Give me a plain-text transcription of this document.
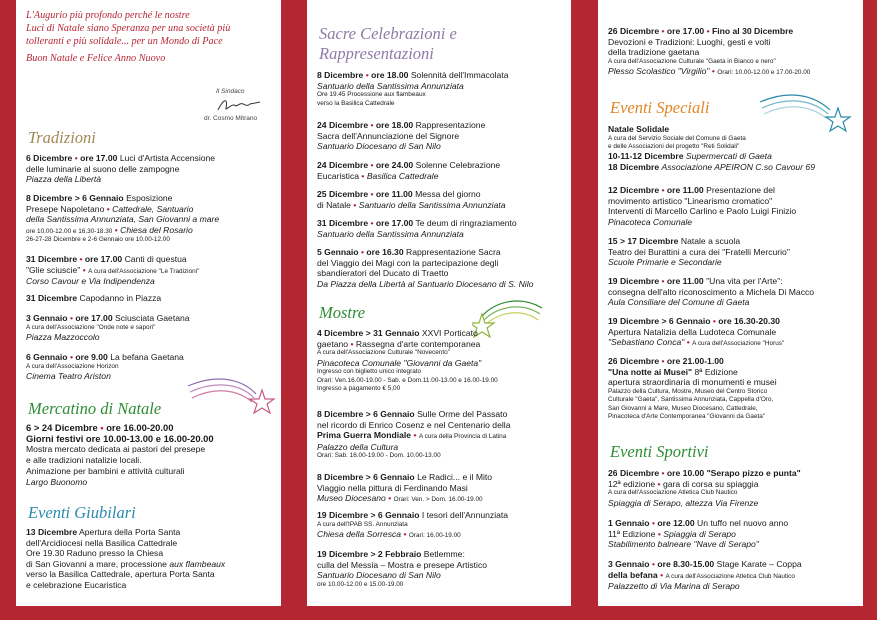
L'Augurio più profondo perché le nostre
Luci di Natale siano Speranza per una società più
tolleranti e più solidale... per un Mondo di Pace
Buon Natale e Felice Anno Nuovo
Il Sindaco
dr. Cosmo Mitrano
Tradizioni
6 Dicembre • ore 17.00 Luci d'Artista Accensione
delle luminarie al suono delle zampogne
Piazza della Libertà
8 Dicembre > 6 Gennaio Esposizione
Presepe Napoletano • Cattedrale, Santuario
della Santissima Annunziata, San Giovanni a mare
ore 10.00-12.00 e 16.30-18.30 • Chiesa del Rosario
26-27-28 Dicembre e 2-6 Gennaio ore 10.00-12.00
31 Dicembre • ore 17.00 Canti di questua
"Glie sciuscie" • A cura dell'Associazione "Le Tradizioni"
Corso Cavour e Via Indipendenza
31 Dicembre Capodanno in Piazza
3 Gennaio • ore 17.00 Sciusciata Gaetana
A cura dell'Associazione "Onde note e sapori"
Piazza Mazzoccolo
6 Gennaio • ore 9.00 La befana Gaetana
A cura dell'Associazione Horizon
Cinema Teatro Ariston
Mercatino di Natale
6 > 24 Dicembre • ore 16.00-20.00
Giorni festivi ore 10.00-13.00 e 16.00-20.00
Mostra mercato dedicata ai pastori del presepe
e alle tradizioni natalizie locali.
Animazione per bambini e attività culturali
Largo Buonomo
Eventi Giubilari
13 Dicembre Apertura della Porta Santa
dell'Arcidiocesi nella Basilica Cattedrale
Ore 19.30 Raduno presso la Chiesa
di San Giovanni a mare, processione aux flambeaux
verso la Basilica Cattedrale, apertura Porta Santa
e celebrazione Eucaristica
Sacre Celebrazioni e
Rappresentazioni
8 Dicembre • ore 18.00 Solennità dell'Immacolata
Santuario della Santissima Annunziata
Ore 19.45 Processione aux flambeaux
verso la Basilica Cattedrale
24 Dicembre • ore 18.00 Rappresentazione
Sacra dell'Annunciazione del Signore
Santuario Diocesano di San Nilo
24 Dicembre • ore 24.00 Solenne Celebrazione
Eucaristica • Basilica Cattedrale
25 Dicembre • ore 11.00 Messa del giorno
di Natale • Santuario della Santissima Annunziata
31 Dicembre • ore 17.00 Te deum di ringraziamento
Santuario della Santissima Annunziata
5 Gennaio • ore 16.30 Rappresentazione Sacra
del Viaggio dei Magi con la partecipazione degli
sbandieratori del Ducato di Traetto
Da Piazza della Libertà al Santuario Diocesano di S. Nilo
Mostre
4 Dicembre > 31 Gennaio XXVI Porticato
gaetano • Rassegna d'arte contemporanea
A cura dell'Associazione Culturale "Novecento"
Pinacoteca Comunale "Giovanni da Gaeta"
Ingresso con biglietto unico integrato
Orari: Ven.16.00-19.00 - Sab. e Dom.11.00-13.00 e 16.00-19.00
Ingresso a pagamento € 5,00
8 Dicembre > 6 Gennaio Sulle Orme del Passato
nel ricordo di Enrico Cosenz e nel Centenario della
Prima Guerra Mondiale • A cura della Provincia di Latina
Palazzo della Cultura
Orari: Sab. 16.00-19.00 - Dom. 10.00-13.00
8 Dicembre > 6 Gennaio Le Radici... e il Mito
Viaggio nella pittura di Ferdinando Masi
Museo Diocesano • Orari: Ven. > Dom. 16.00-19.00
19 Dicembre > 6 Gennaio I tesori dell'Annunziata
A cura dell'IPAB SS. Annunziata
Chiesa della Sorresca • Orari: 16.00-19.00
19 Dicembre > 2 Febbraio Betlemme:
culla del Messia – Mostra e presepe Artistico
Santuario Diocesano di San Nilo
ore 10.00-12.00 e 15.00-19.00
26 Dicembre • ore 17.00 • Fino al 30 Dicembre
Devozioni e Tradizioni: Luoghi, gesti e volti
della tradizione gaetana
A cura dell'Associazione Culturale "Gaeta in Bianco e nero"
Plesso Scolastico "Virgilio" • Orari: 10.00-12.00 e 17.00-20.00
Eventi Speciali
Natale Solidale
A cura del Servizio Sociale del Comune di Gaeta
e delle Associazioni del progetto "Reti Solidali"
10-11-12 Dicembre Supermercati di Gaeta
18 Dicembre Associazione APEIRON C.so Cavour 69
12 Dicembre • ore 11.00 Presentazione del
movimento artistico "Linearismo cromatico"
Interventi di Marcello Carlino e Paolo Luigi Finizio
Pinacoteca Comunale
15 > 17 Dicembre Natale a scuola
Teatro dei Burattini a cura dei "Fratelli Mercurio"
Scuole Primarie e Secondarie
19 Dicembre • ore 11.00 "Una vita per l'Arte":
consegna dell'alto riconoscimento a Michela Di Macco
Aula Consiliare del Comune di Gaeta
19 Dicembre > 6 Gennaio • ore 16.30-20.30
Apertura Natalizia della Ludoteca Comunale
"Sebastiano Conca" • A cura dell'Associazione "Horus"
26 Dicembre • ore 21.00-1.00
"Una notte ai Musei" 8ª Edizione
apertura straordinaria di monumenti e musei
Palazzo della Cultura, Mostre, Museo del Centro Storico
Culturale "Gaeta", Santissima Annunziata, Cappella d'Oro,
San Giovanni a Mare, Museo Diocesano, Cattedrale,
Pinacoteca d'Arte Contemporanea "Giovanni da Gaeta"
Eventi Sportivi
26 Dicembre • ore 10.00 "Serapo pizzo e punta"
12ª edizione • gara di corsa su spiaggia
A cura dell'Associazione Atletica Club Nautico
Spiaggia di Serapo, altezza Via Firenze
1 Gennaio • ore 12.00 Un tuffo nel nuovo anno
11ª Edizione • Spiaggia di Serapo
Stabilimento balneare "Nave di Serapo"
3 Gennaio • ore 8.30-15.00 Stage Karate – Coppa
della befana • A cura dell'Associazione Atletica Club Nautico
Palazzetto di Via Marina di Serapo
